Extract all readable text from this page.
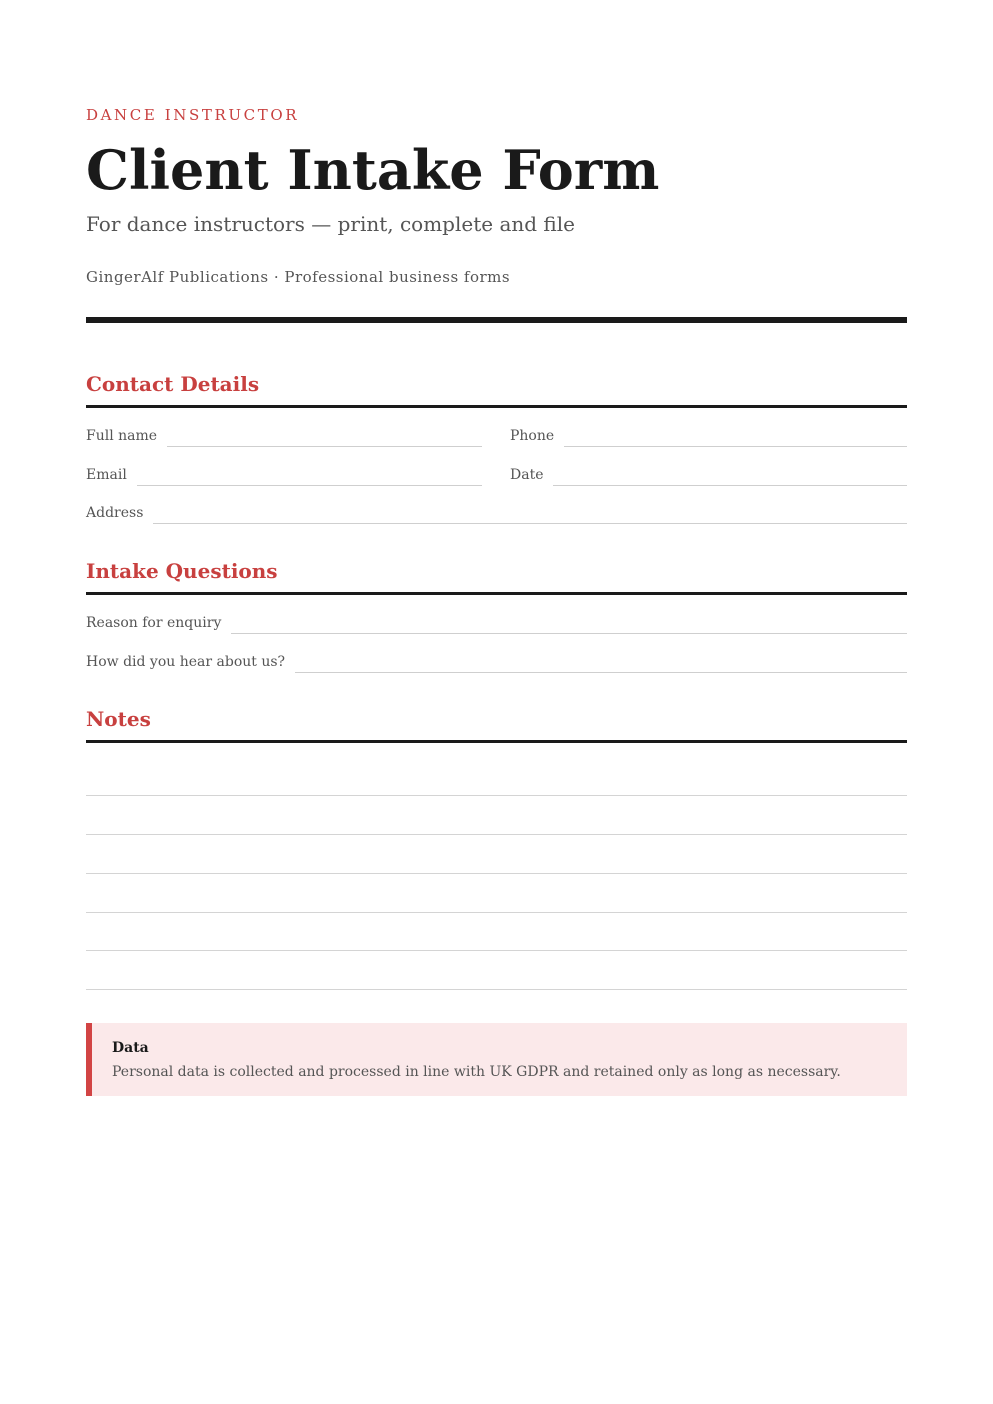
DANCE INSTRUCTOR
Client Intake Form
For dance instructors — print, complete and file
GingerAlf Publications · Professional business forms
Contact Details
Full name	Phone
Email	Date
Address
Intake Questions
Reason for enquiry
How did you hear about us?
Notes
Data
Personal data is collected and processed in line with UK GDPR and retained only as long as necessary.
